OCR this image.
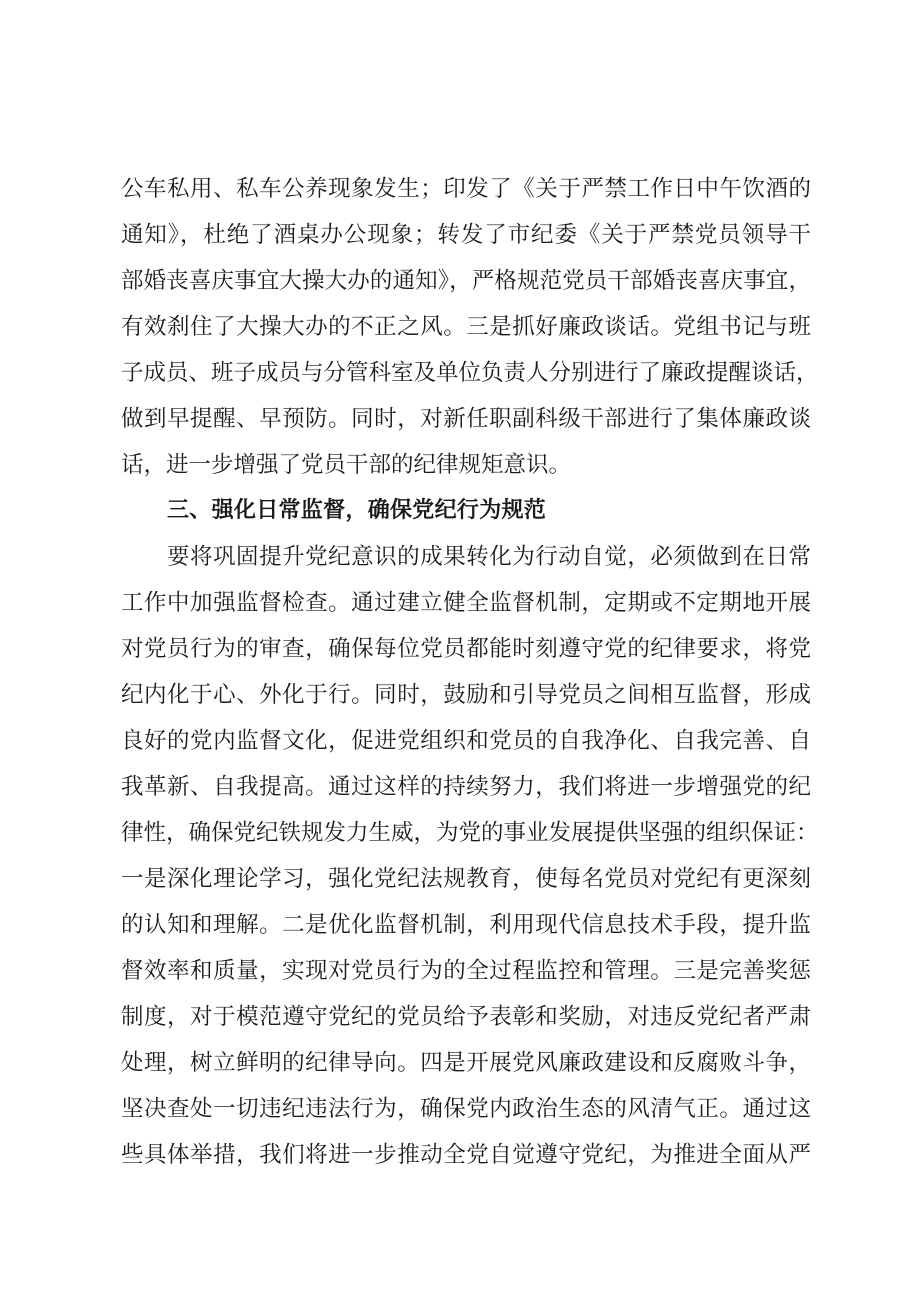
公车私用、私车公养现象发生；印发了《关于严禁工作日中午饮酒的
通知》，杜绝了酒桌办公现象；转发了市纪委《关于严禁党员领导干
部婚丧喜庆事宜大操大办的通知》，严格规范党员干部婚丧喜庆事宜，
有效刹住了大操大办的不正之风。三是抓好廉政谈话。党组书记与班
子成员、班子成员与分管科室及单位负责人分别进行了廉政提醒谈话，
做到早提醒、早预防。同时，对新任职副科级干部进行了集体廉政谈
话，进一步增强了党员干部的纪律规矩意识。
三、强化日常监督，确保党纪行为规范
要将巩固提升党纪意识的成果转化为行动自觉，必须做到在日常
工作中加强监督检查。通过建立健全监督机制，定期或不定期地开展
对党员行为的审查，确保每位党员都能时刻遵守党的纪律要求，将党
纪内化于心、外化于行。同时，鼓励和引导党员之间相互监督，形成
良好的党内监督文化，促进党组织和党员的自我净化、自我完善、自
我革新、自我提高。通过这样的持续努力，我们将进一步增强党的纪
律性，确保党纪铁规发力生威，为党的事业发展提供坚强的组织保证：
一是深化理论学习，强化党纪法规教育，使每名党员对党纪有更深刻
的认知和理解。二是优化监督机制，利用现代信息技术手段，提升监
督效率和质量，实现对党员行为的全过程监控和管理。三是完善奖惩
制度，对于模范遵守党纪的党员给予表彰和奖励，对违反党纪者严肃
处理，树立鲜明的纪律导向。四是开展党风廉政建设和反腐败斗争，
坚决查处一切违纪违法行为，确保党内政治生态的风清气正。通过这
些具体举措，我们将进一步推动全党自觉遵守党纪，为推进全面从严
